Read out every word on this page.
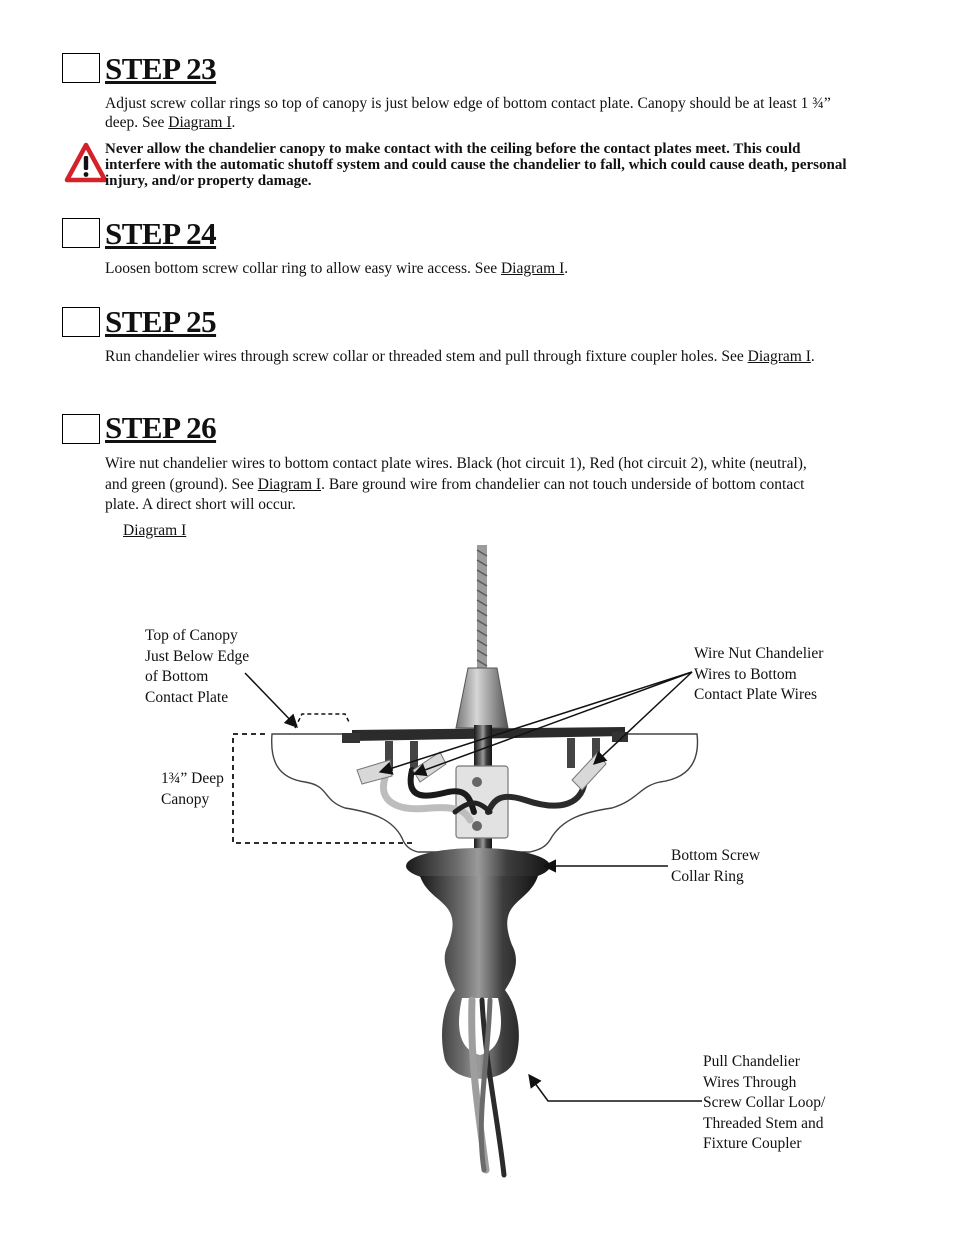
STEP 23

Adjust screw collar rings so top of canopy is just below edge of bottom contact plate. Canopy should be at least 1 ¾” deep. See Diagram I.

Never allow the chandelier canopy to make contact with the ceiling before the contact plates meet. This could interfere with the automatic shutoff system and could cause the chandelier to fall, which could cause death, personal injury, and/or property damage.

STEP 24

Loosen bottom screw collar ring to allow easy wire access. See Diagram I.

STEP 25

Run chandelier wires through screw collar or threaded stem and pull through fixture coupler holes. See Diagram I.

STEP 26

Wire nut chandelier wires to bottom contact plate wires. Black (hot circuit 1), Red (hot circuit 2), white (neutral), and green (ground). See Diagram I. Bare ground wire from chandelier can not touch underside of bottom contact plate. A direct short will occur.

Diagram I
Top of Canopy
Just Below Edge
of Bottom
Contact Plate
1¾” Deep
Canopy
Wire Nut Chandelier
Wires to Bottom
Contact Plate Wires
Bottom Screw
Collar Ring
Pull Chandelier
Wires Through
Screw Collar Loop/
Threaded Stem and
Fixture Coupler
